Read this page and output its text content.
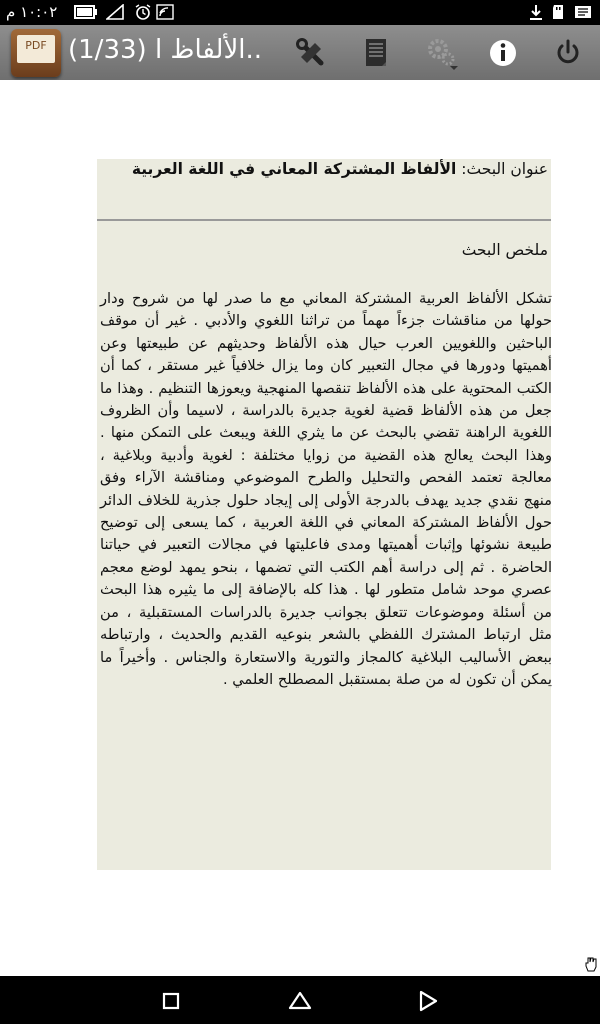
١٠:٠٢ م
PDF (1/33) الألفاظ ا..
عنوان البحث: الألفاظ المشتركة المعاني في اللغة العربية
ملخص البحث
تشكل الألفاظ العربية المشتركة المعاني مع ما صدر لها من شروح ودار حولها من مناقشات جزءاً مهماً من تراثنا اللغوي والأدبي . غير أن موقف الباحثين واللغويين العرب حيال هذه الألفاظ وحديثهم عن طبيعتها وعن أهميتها ودورها في مجال التعبير كان وما يزال خلافياً غير مستقر ، كما أن الكتب المحتوية على هذه الألفاظ تنقصها المنهجية ويعوزها التنظيم . وهذا ما جعل من هذه الألفاظ قضية لغوية جديرة بالدراسة ، لاسيما وأن الظروف اللغوية الراهنة تقضي بالبحث عن ما يثري اللغة ويبعث على التمكن منها . وهذا البحث يعالج هذه القضية من زوايا مختلفة : لغوية وأدبية وبلاغية ، معالجة تعتمد الفحص والتحليل والطرح الموضوعي ومناقشة الآراء وفق منهج نقدي جديد يهدف بالدرجة الأولى إلى إيجاد حلول جذرية للخلاف الدائر حول الألفاظ المشتركة المعاني في اللغة العربية ، كما يسعى إلى توضيح طبيعة نشوئها وإثبات أهميتها ومدى فاعليتها في مجالات التعبير في حياتنا الحاضرة . ثم إلى دراسة أهم الكتب التي تضمها ، بنحو يمهد لوضع معجم عصري موحد شامل متطور لها . هذا كله بالإضافة إلى ما يثيره هذا البحث من أسئلة وموضوعات تتعلق بجوانب جديرة بالدراسات المستقبلية ، من مثل ارتباط المشترك اللفظي بالشعر بنوعيه القديم والحديث ، وارتباطه ببعض الأساليب البلاغية كالمجاز والتورية والاستعارة والجناس . وأخيراً ما يمكن أن تكون له من صلة بمستقبل المصطلح العلمي .
